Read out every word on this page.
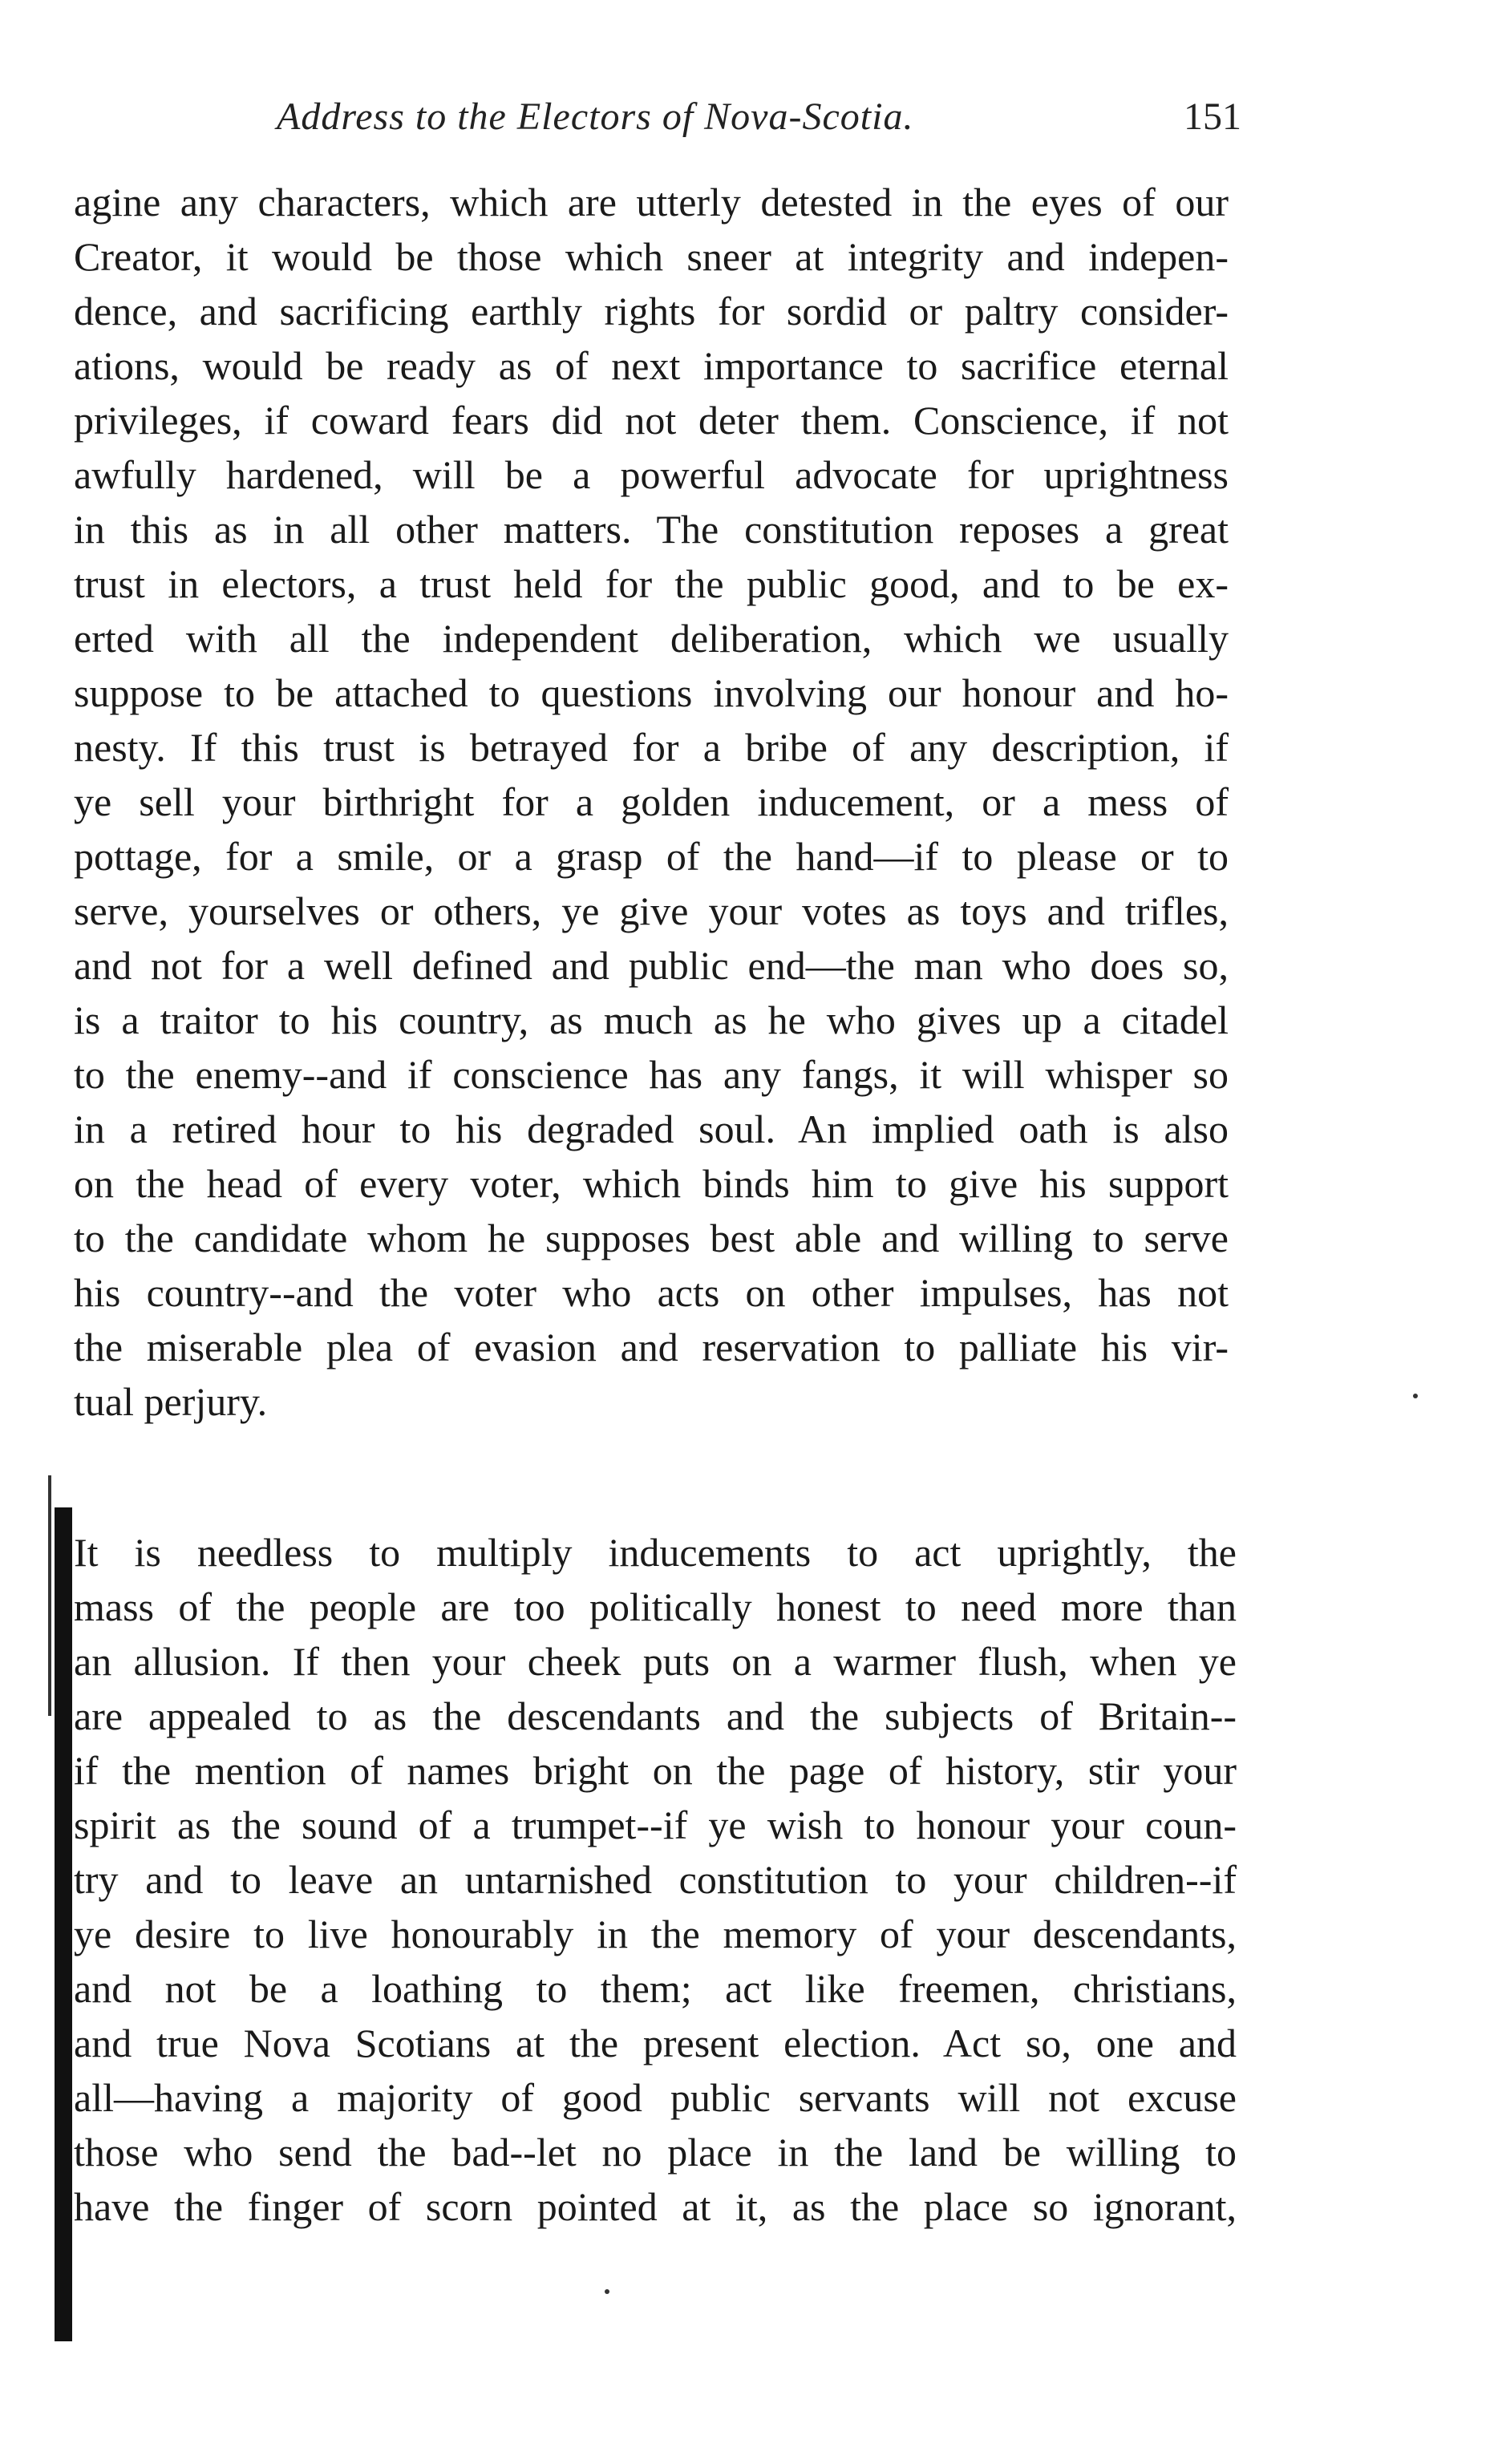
Address to the Electors of Nova-Scotia.	151
agine any characters, which are utterly detested in the eyes of our
Creator, it would be those which sneer at integrity and indepen-
dence, and sacrificing earthly rights for sordid or paltry consider-
ations, would be ready as of next importance to sacrifice eternal
privileges, if coward fears did not deter them. Conscience, if not
awfully hardened, will be a powerful advocate for uprightness
in this as in all other matters. The constitution reposes a great
trust in electors, a trust held for the public good, and to be ex-
erted with all the independent deliberation, which we usually
suppose to be attached to questions involving our honour and ho-
nesty. If this trust is betrayed for a bribe of any description, if
ye sell your birthright for a golden inducement, or a mess of
pottage, for a smile, or a grasp of the hand—if to please or to
serve, yourselves or others, ye give your votes as toys and trifles,
and not for a well defined and public end—the man who does so,
is a traitor to his country, as much as he who gives up a citadel
to the enemy--and if conscience has any fangs, it will whisper so
in a retired hour to his degraded soul. An implied oath is also
on the head of every voter, which binds him to give his support
to the candidate whom he supposes best able and willing to serve
his country--and the voter who acts on other impulses, has not
the miserable plea of evasion and reservation to palliate his vir-
tual perjury.
It is needless to multiply inducements to act uprightly, the
mass of the people are too politically honest to need more than
an allusion. If then your cheek puts on a warmer flush, when ye
are appealed to as the descendants and the subjects of Britain--
if the mention of names bright on the page of history, stir your
spirit as the sound of a trumpet--if ye wish to honour your coun-
try and to leave an untarnished constitution to your children--if
ye desire to live honourably in the memory of your descendants,
and not be a loathing to them; act like freemen, christians,
and true Nova Scotians at the present election. Act so, one and
all—having a majority of good public servants will not excuse
those who send the bad--let no place in the land be willing to
have the finger of scorn pointed at it, as the place so ignorant,
